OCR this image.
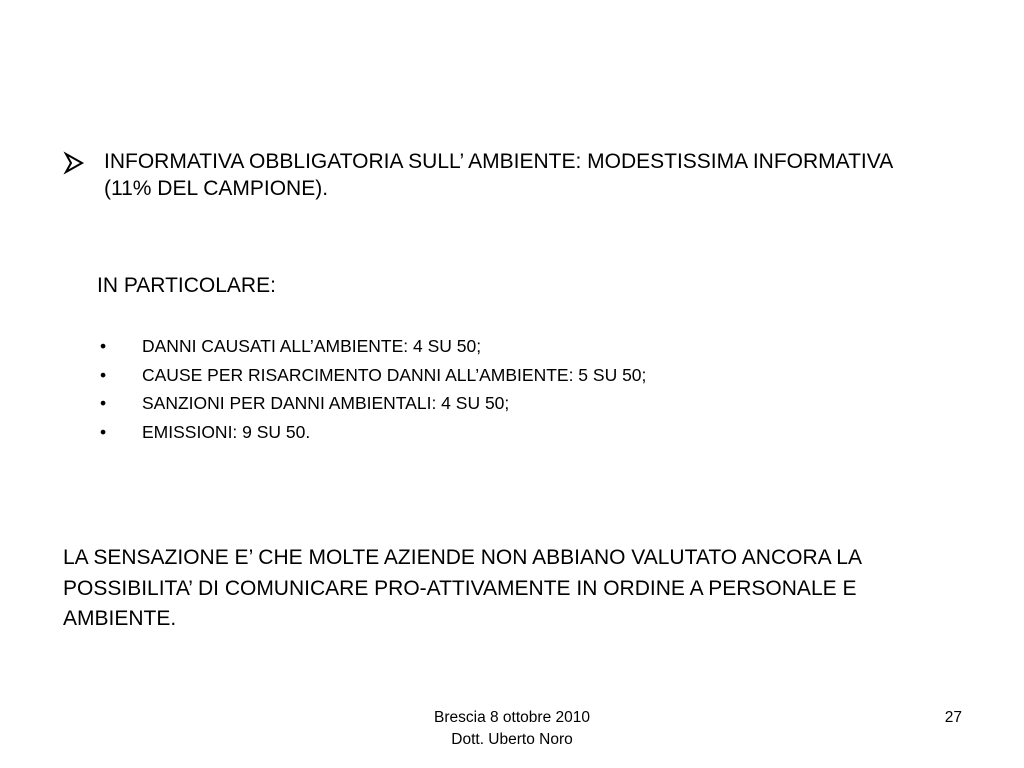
INFORMATIVA OBBLIGATORIA SULL’ AMBIENTE: MODESTISSIMA INFORMATIVA (11% DEL CAMPIONE).
IN PARTICOLARE:
•	DANNI CAUSATI ALL’AMBIENTE: 4 SU 50;
•	CAUSE PER RISARCIMENTO DANNI ALL’AMBIENTE: 5 SU 50;
•	SANZIONI PER DANNI AMBIENTALI: 4 SU 50;
•	EMISSIONI: 9 SU 50.
LA SENSAZIONE E’ CHE MOLTE AZIENDE NON ABBIANO VALUTATO ANCORA LA POSSIBILITA’ DI COMUNICARE PRO-ATTIVAMENTE IN ORDINE A PERSONALE E AMBIENTE.
Brescia 8 ottobre 2010
Dott. Uberto Noro
27
